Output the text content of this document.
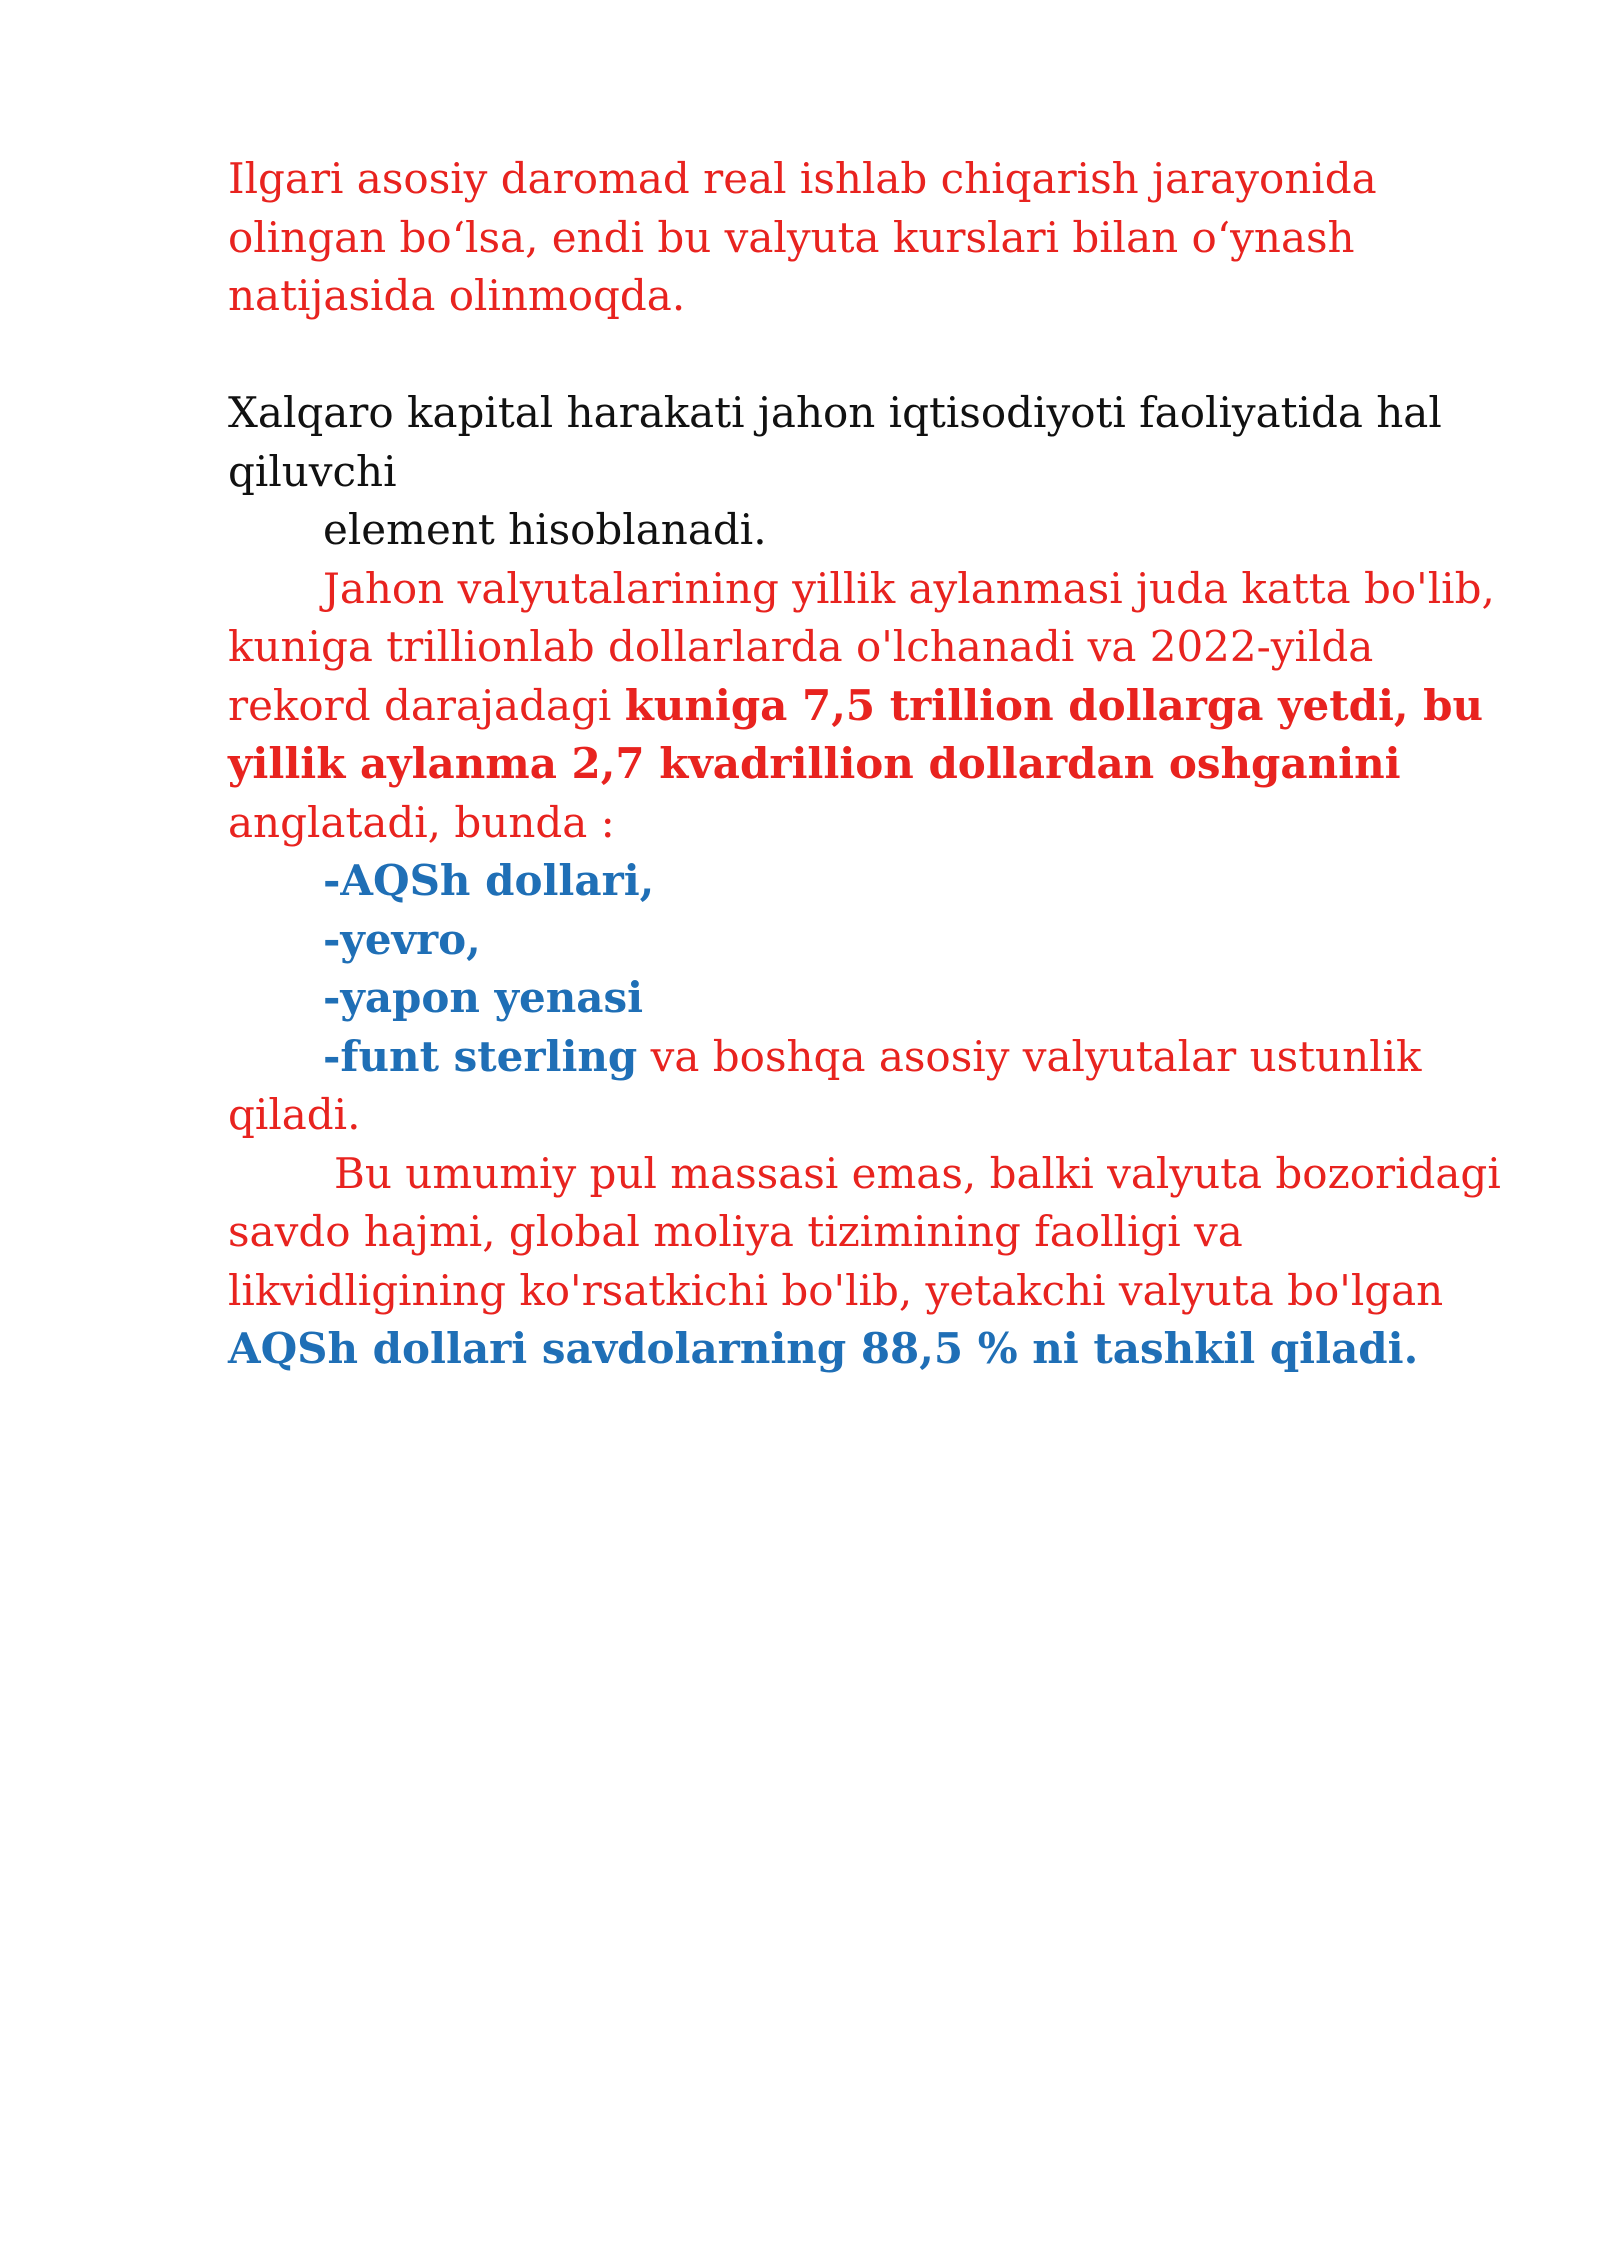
Ilgari asosiy daromad real ishlab chiqarish jarayonida
olingan bo‘lsa, endi bu valyuta kurslari bilan o‘ynash
natijasida olinmoqda.
Xalqaro kapital harakati jahon iqtisodiyoti faoliyatida hal
qiluvchi
element hisoblanadi.
Jahon valyutalarining yillik aylanmasi juda katta bo'lib,
kuniga trillionlab dollarlarda o'lchanadi va 2022-yilda
rekord darajadagi kuniga 7,5 trillion dollarga yetdi, bu
yillik aylanma 2,7 kvadrillion dollardan oshganini
anglatadi, bunda :
-AQSh dollari,
-yevro,
-yapon yenasi
-funt sterling va boshqa asosiy valyutalar ustunlik
qiladi.
Bu umumiy pul massasi emas, balki valyuta bozoridagi
savdo hajmi, global moliya tizimining faolligi va
likvidligining ko'rsatkichi bo'lib, yetakchi valyuta bo'lgan
AQSh dollari savdolarning 88,5 % ni tashkil qiladi.
